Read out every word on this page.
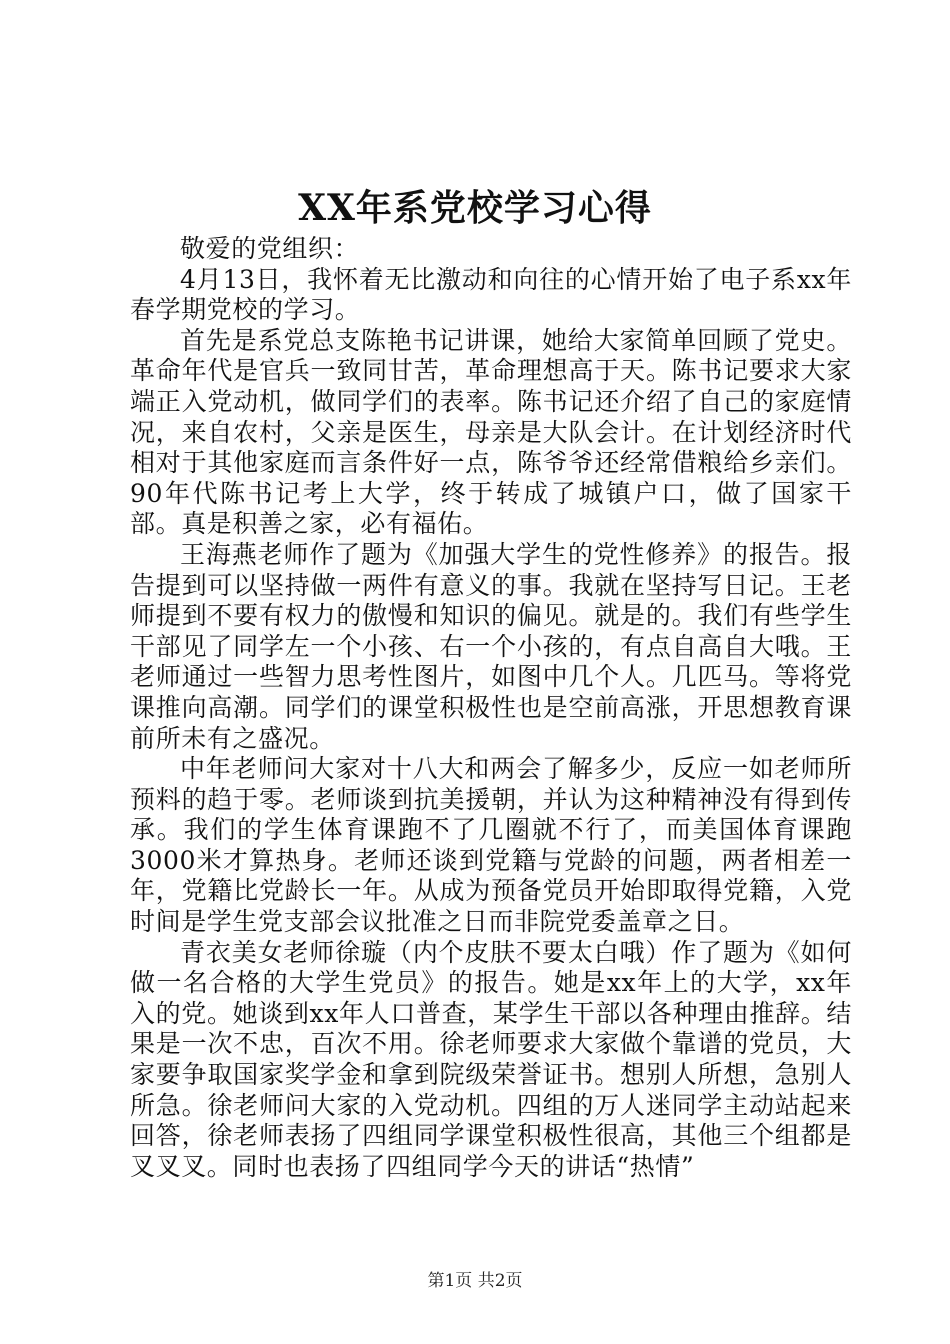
XX年系党校学习心得

敬爱的党组织：

4月13日，我怀着无比激动和向往的心情开始了电子系xx年春学期党校的学习。

首先是系党总支陈艳书记讲课，她给大家简单回顾了党史。革命年代是官兵一致同甘苦，革命理想高于天。陈书记要求大家端正入党动机，做同学们的表率。陈书记还介绍了自己的家庭情况，来自农村，父亲是医生，母亲是大队会计。在计划经济时代相对于其他家庭而言条件好一点，陈爷爷还经常借粮给乡亲们。90年代陈书记考上大学，终于转成了城镇户口，做了国家干部。真是积善之家，必有福佑。

王海燕老师作了题为《加强大学生的党性修养》的报告。报告提到可以坚持做一两件有意义的事。我就在坚持写日记。王老师提到不要有权力的傲慢和知识的偏见。就是的。我们有些学生干部见了同学左一个小孩、右一个小孩的，有点自高自大哦。王老师通过一些智力思考性图片，如图中几个人。几匹马。等将党课推向高潮。同学们的课堂积极性也是空前高涨，开思想教育课前所未有之盛况。

中年老师问大家对十八大和两会了解多少，反应一如老师所预料的趋于零。老师谈到抗美援朝，并认为这种精神没有得到传承。我们的学生体育课跑不了几圈就不行了，而美国体育课跑3000米才算热身。老师还谈到党籍与党龄的问题，两者相差一年，党籍比党龄长一年。从成为预备党员开始即取得党籍，入党时间是学生党支部会议批准之日而非院党委盖章之日。

青衣美女老师徐璇（内个皮肤不要太白哦）作了题为《如何做一名合格的大学生党员》的报告。她是xx年上的大学，xx年入的党。她谈到xx年人口普查，某学生干部以各种理由推辞。结果是一次不忠，百次不用。徐老师要求大家做个靠谱的党员，大家要争取国家奖学金和拿到院级荣誉证书。想别人所想，急别人所急。徐老师问大家的入党动机。四组的万人迷同学主动站起来回答，徐老师表扬了四组同学课堂积极性很高，其他三个组都是叉叉叉。同时也表扬了四组同学今天的讲话“热情”

第1页 共2页
